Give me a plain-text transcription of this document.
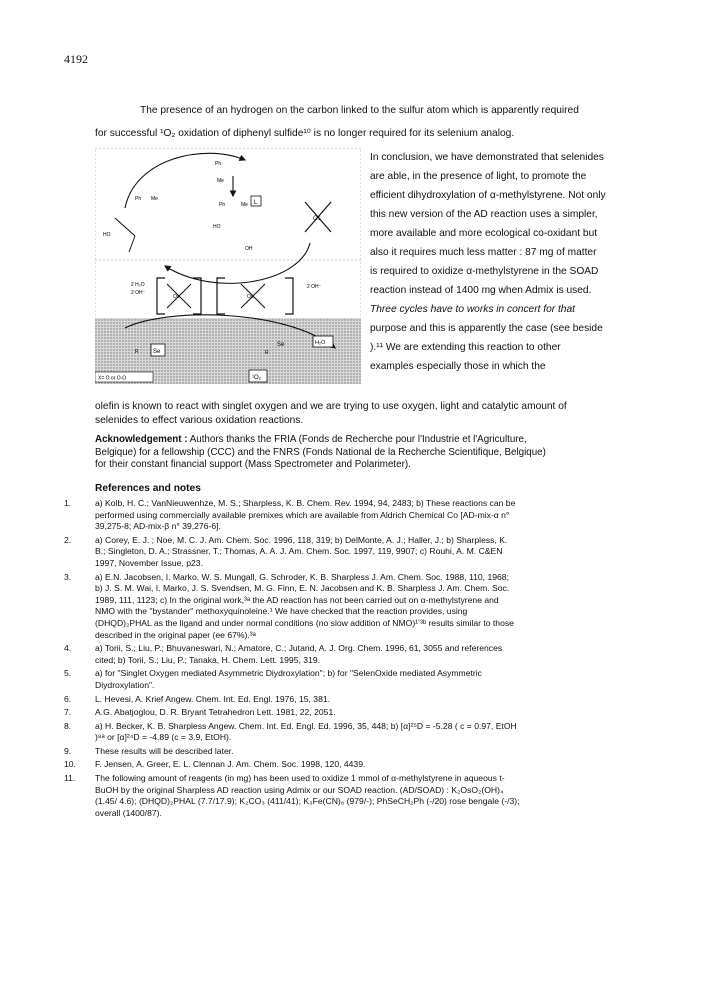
4192
The presence of an hydrogen on the carbon linked to the sulfur atom which is apparently required
for successful ¹O₂ oxidation of diphenyl sulfide¹⁰ is no longer required for its selenium analog.
Ph
Me
Ph Me
L
HO
OH
Ph	Me
Os
HO
Os	Os
2 H₂O
2 OH⁻
2 OH⁻
Se
R
Se
R
H₂O
¹O₂
X= O or O-O
In conclusion, we have demonstrated that selenides
are able, in the presence of light, to promote the
efficient dihydroxylation of α-methylstyrene. Not only
this new version of the AD reaction uses a simpler,
more available and more ecological co-oxidant but
also it requires much less matter : 87 mg of matter
is required to oxidize α-methylstyrene in the SOAD
reaction instead of 1400 mg when Admix is used.
Three cycles have to works in concert for that
purpose and this is apparently the case (see beside
).¹¹ We are extending this reaction to other
examples especially those in which the
olefin is known to react with singlet oxygen and we are trying to use oxygen, light and catalytic amount of
selenides to effect various oxidation reactions.
Acknowledgement : Authors thanks the FRIA (Fonds de Recherche pour l'Industrie et l'Agriculture,
Belgique) for a fellowship (CCC) and the FNRS (Fonds National de la Recherche Scientifique, Belgique)
for their constant financial support (Mass Spectrometer and Polarimeter).
References and notes
1.	a) Kolb, H. C.; VanNieuwenhze, M. S.; Sharpless, K. B. Chem. Rev. 1994, 94, 2483; b) These reactions can be
performed using commercially available premixes which are available from Aldrich Chemical Co [AD-mix-α n°
39,275-8; AD-mix-β n° 39,276-6].
2.	a) Corey, E. J. ; Noe, M. C. J. Am. Chem. Soc. 1996, 118, 319; b) DelMonte, A. J.; Haller, J.; b) Sharpless, K.
B.; Singleton, D. A.; Strassner, T.; Thomas, A. A. J. Am. Chem. Soc. 1997, 119, 9907; c) Rouhi, A. M. C&EN
1997, November Issue, p23.
3.	a) E.N. Jacobsen, I. Marko, W. S. Mungall, G. Schroder, K. B. Sharpless J. Am. Chem. Soc. 1988, 110, 1968;
b) J. S. M. Wai, I. Marko, J. S. Svendsen, M. G. Finn, E. N. Jacobsen and K. B. Sharpless J. Am. Chem. Soc.
1989, 111, 1123; c) In the original work,³ᵃ the AD reaction has not been carried out on α-methylstyrene and
NMO with the "bystander" methoxyquinoleine.¹ We have checked that the reaction provides, using
(DHQD)₂PHAL as the ligand and under normal conditions (no slow addition of NMO)¹ʼ³ᵇ results similar to those
described in the original paper (ee 67%).³ᵃ
4.	a) Torii, S.; Liu, P.; Bhuvaneswari, N.; Amatore, C.; Jutand, A. J. Org. Chem. 1996, 61, 3055 and references
cited; b) Torii, S.; Liu, P.; Tanaka, H. Chem. Lett. 1995, 319.
5.	a) for "Singlet Oxygen mediated Asymmetric Diydroxylation"; b) for "SelenOxide mediated Asymmetric
Diydroxylation".
6.	L. Hevesi, A. Krief Angew. Chem. Int. Ed. Engl. 1976, 15, 381.
7.	A.G. Abatjoglou, D. R. Bryant Tetrahedron Lett. 1981, 22, 2051.
8.	a) H. Becker, K. B. Sharpless Angew. Chem. Int. Ed. Engl. Ed. 1996, 35, 448; b) [α]²⁵D = -5.28 ( c = 0.97, EtOH
)⁸ᵃ or [α]²⁴D = -4.89 (c = 3.9, EtOH).
9.	These results will be described later.
10.	F. Jensen, A. Greer, E. L. Clennan J. Am. Chem. Soc. 1998, 120, 4439.
11.	The following amount of reagents (in mg) has been used to oxidize 1 mmol of α-methylstyrene in aqueous t-
BuOH by the original Sharpless AD reaction using Admix or our SOAD reaction. (AD/SOAD) : K₂OsO₂(OH)₄
(1.45/ 4.6); (DHQD)₂PHAL (7.7/17.9); K₂CO₃ (411/41); K₃Fe(CN)₆ (979/-); PhSeCH₂Ph (-/20) rose bengale (-/3);
overall (1400/87).
